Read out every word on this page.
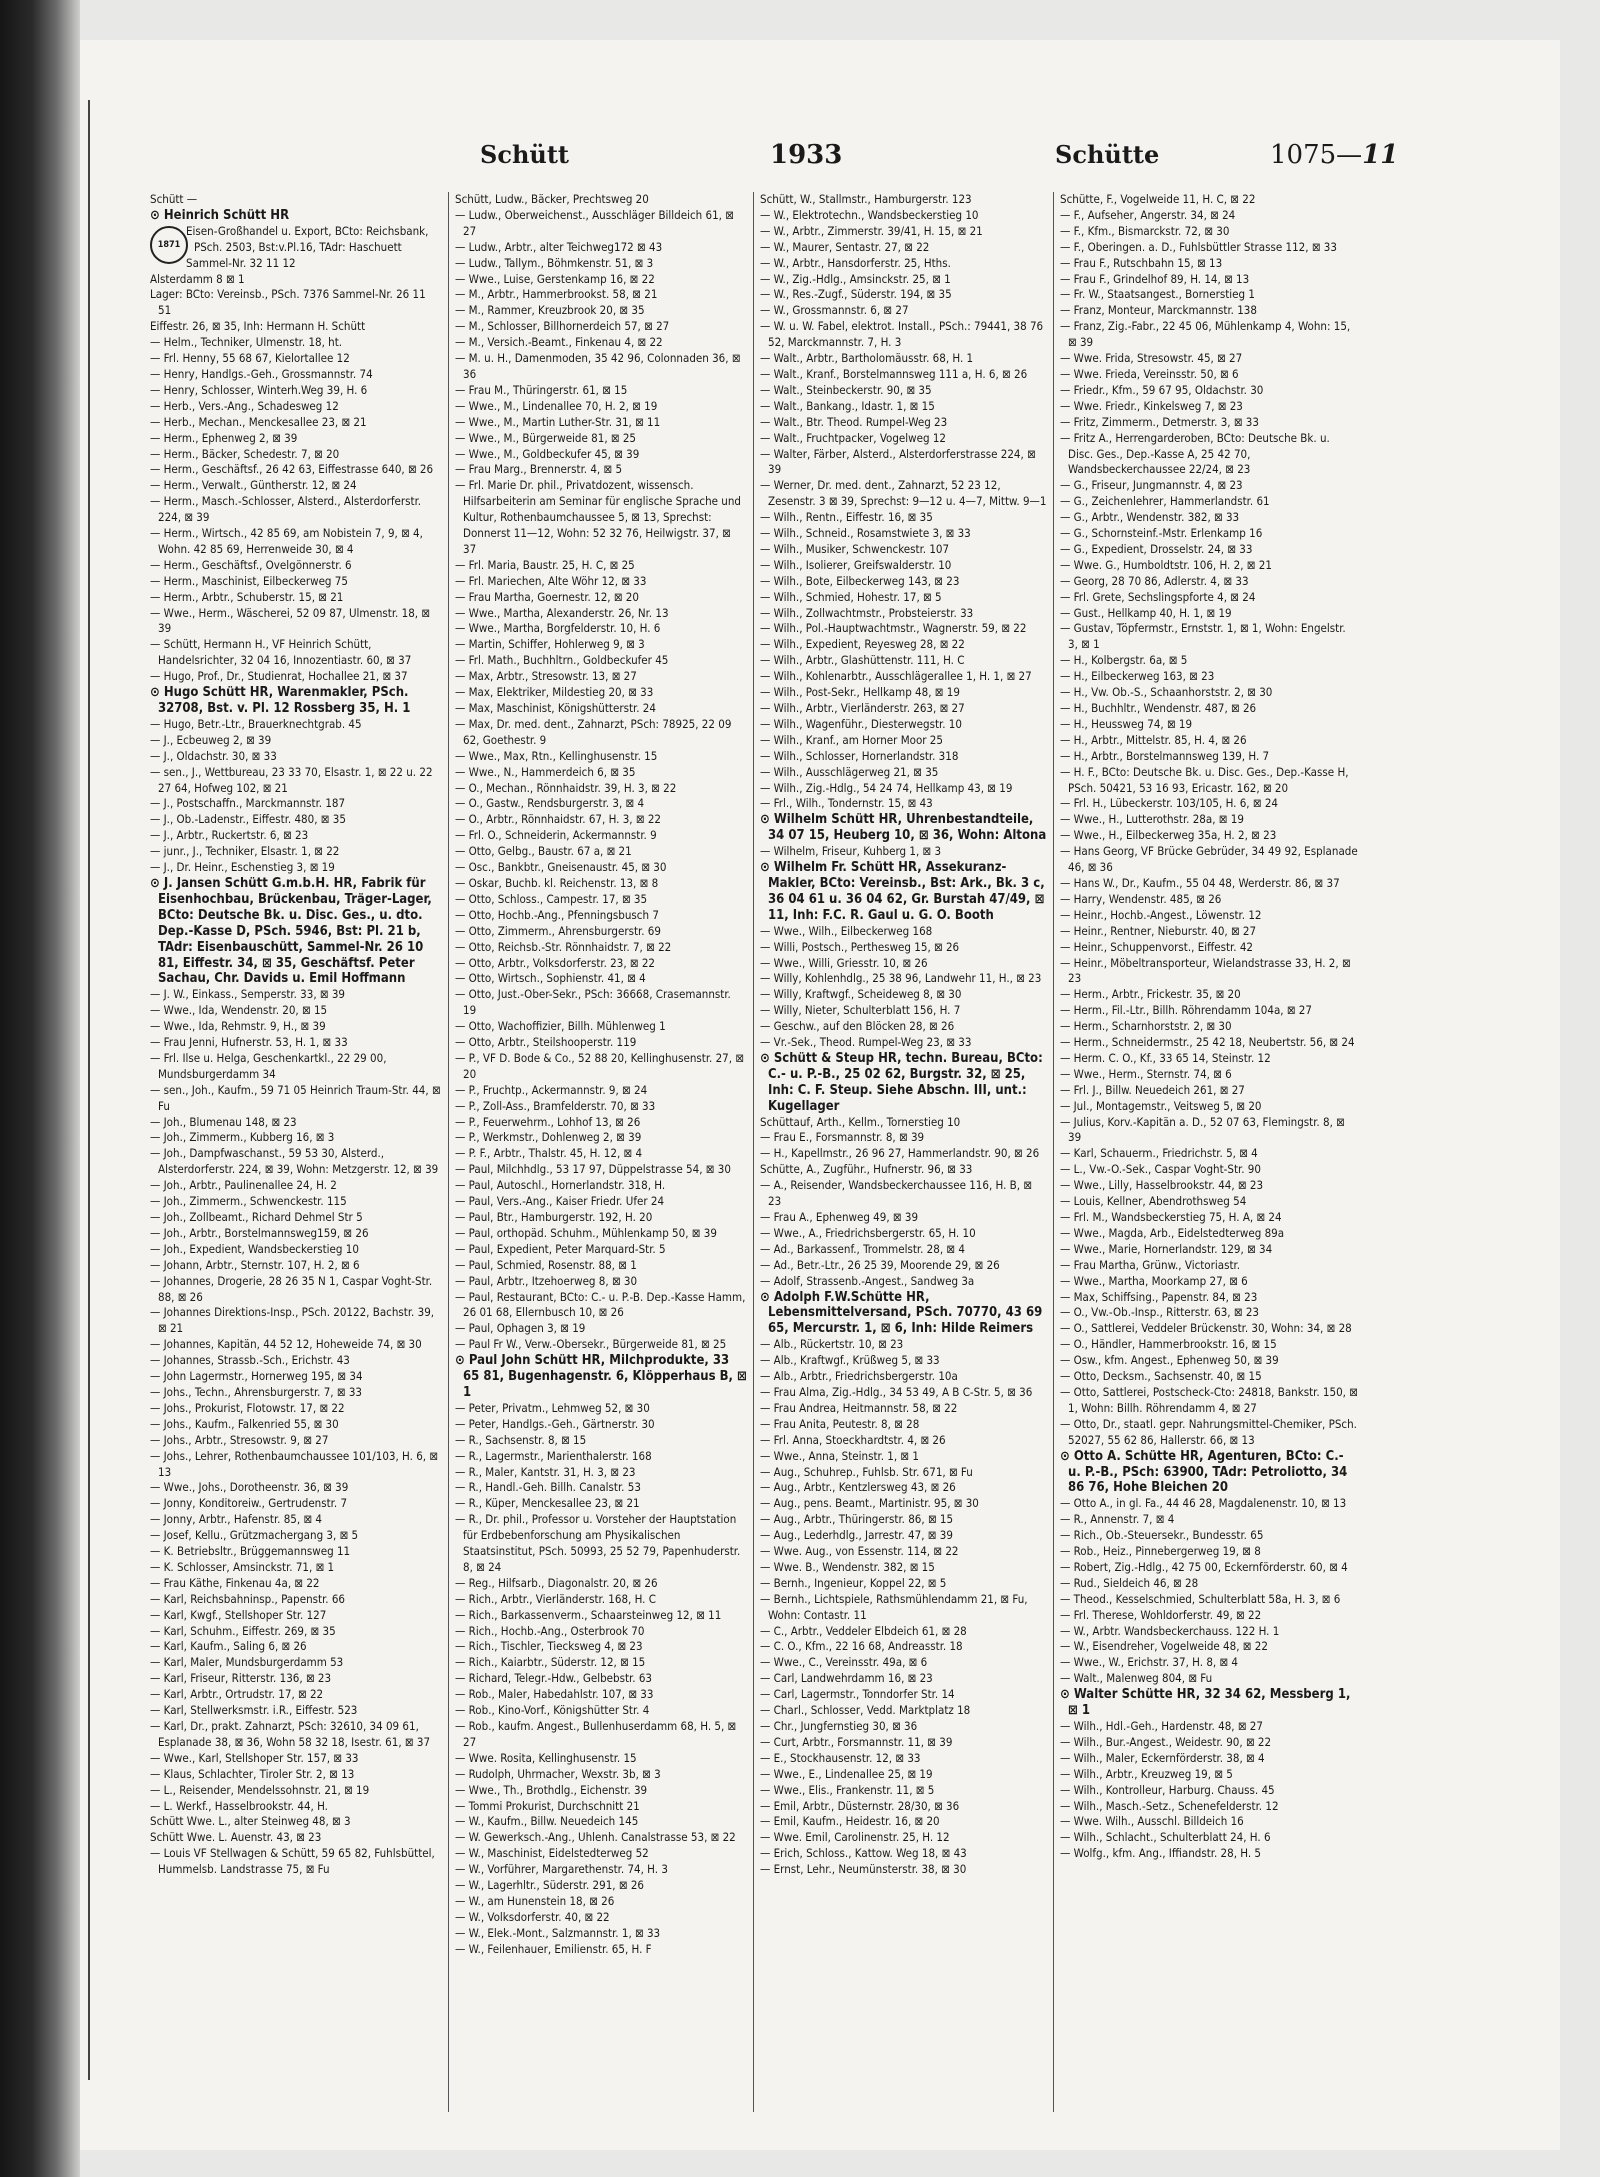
Schütt	1933	Schütte	1075—11

Schütt —

⊙ Heinrich Schütt HR

1871

Eisen-Großhandel u. Export, BCto: Reichsbank, PSch. 2503, Bst:v.Pl.16, TAdr: Haschuett

Sammel-Nr. 32 11 12

Alsterdamm 8 ⊠ 1

Lager: BCto: Vereinsb., PSch. 7376 Sammel-Nr. 26 11 51

Eiffestr. 26, ⊠ 35, Inh: Hermann H. Schütt

— Helm., Techniker, Ulmenstr. 18, ht.

— Frl. Henny, 55 68 67, Kielortallee 12

— Henry, Handlgs.-Geh., Grossmannstr. 74

— Henry, Schlosser, Winterh.Weg 39, H. 6

— Herb., Vers.-Ang., Schadesweg 12

— Herb., Mechan., Menckesallee 23, ⊠ 21

— Herm., Ephenweg 2, ⊠ 39

— Herm., Bäcker, Schedestr. 7, ⊠ 20

— Herm., Geschäftsf., 26 42 63, Eiffestrasse 640, ⊠ 26

— Herm., Verwalt., Güntherstr. 12, ⊠ 24

— Herm., Masch.-Schlosser, Alsterd., Alsterdorferstr. 224, ⊠ 39

— Herm., Wirtsch., 42 85 69, am Nobistein 7, 9, ⊠ 4, Wohn. 42 85 69, Herrenweide 30, ⊠ 4

— Herm., Geschäftsf., Ovelgönnerstr. 6

— Herm., Maschinist, Eilbeckerweg 75

— Herm., Arbtr., Schuberstr. 15, ⊠ 21

— Wwe., Herm., Wäscherei, 52 09 87, Ulmenstr. 18, ⊠ 39

— Schütt, Hermann H., VF Heinrich Schütt, Handelsrichter, 32 04 16, Innozentiastr. 60, ⊠ 37

— Hugo, Prof., Dr., Studienrat, Hochallee 21, ⊠ 37

⊙ Hugo Schütt HR, Warenmakler, PSch. 32708, Bst. v. Pl. 12 Rossberg 35, H. 1

— Hugo, Betr.-Ltr., Brauerknechtgrab. 45

— J., Ecbeuweg 2, ⊠ 39

— J., Oldachstr. 30, ⊠ 33

— sen., J., Wettbureau, 23 33 70, Elsastr. 1, ⊠ 22 u. 22 27 64, Hofweg 102, ⊠ 21

— J., Postschaffn., Marckmannstr. 187

— J., Ob.-Ladenstr., Eiffestr. 480, ⊠ 35

— J., Arbtr., Ruckertstr. 6, ⊠ 23

— junr., J., Techniker, Elsastr. 1, ⊠ 22

— J., Dr. Heinr., Eschenstieg 3, ⊠ 19

⊙ J. Jansen Schütt G.m.b.H. HR, Fabrik für Eisenhochbau, Brückenbau, Träger-Lager, BCto: Deutsche Bk. u. Disc. Ges., u. dto. Dep.-Kasse D, PSch. 5946, Bst: Pl. 21 b, TAdr: Eisenbauschütt, Sammel-Nr. 26 10 81, Eiffestr. 34, ⊠ 35, Geschäftsf. Peter Sachau, Chr. Davids u. Emil Hoffmann

— J. W., Einkass., Semperstr. 33, ⊠ 39

— Wwe., Ida, Wendenstr. 20, ⊠ 15

— Wwe., Ida, Rehmstr. 9, H., ⊠ 39

— Frau Jenni, Hufnerstr. 53, H. 1, ⊠ 33

— Frl. Ilse u. Helga, Geschenkartkl., 22 29 00, Mundsburgerdamm 34

— sen., Joh., Kaufm., 59 71 05 Heinrich Traum-Str. 44, ⊠ Fu

— Joh., Blumenau 148, ⊠ 23

— Joh., Zimmerm., Kubberg 16, ⊠ 3

— Joh., Dampfwaschanst., 59 53 30, Alsterd., Alsterdorferstr. 224, ⊠ 39, Wohn: Metzgerstr. 12, ⊠ 39

— Joh., Arbtr., Paulinenallee 24, H. 2

— Joh., Zimmerm., Schwenckestr. 115

— Joh., Zollbeamt., Richard Dehmel Str 5

— Joh., Arbtr., Borstelmannsweg159, ⊠ 26

— Joh., Expedient, Wandsbeckerstieg 10

— Johann, Arbtr., Sternstr. 107, H. 2, ⊠ 6

— Johannes, Drogerie, 28 26 35 N 1, Caspar Voght-Str. 88, ⊠ 26

— Johannes Direktions-Insp., PSch. 20122, Bachstr. 39, ⊠ 21

— Johannes, Kapitän, 44 52 12, Hoheweide 74, ⊠ 30

— Johannes, Strassb.-Sch., Erichstr. 43

— John Lagermstr., Hornerweg 195, ⊠ 34

— Johs., Techn., Ahrensburgerstr. 7, ⊠ 33

— Johs., Prokurist, Flotowstr. 17, ⊠ 22

— Johs., Kaufm., Falkenried 55, ⊠ 30

— Johs., Arbtr., Stresowstr. 9, ⊠ 27

— Johs., Lehrer, Rothenbaumchaussee 101/103, H. 6, ⊠ 13

— Wwe., Johs., Dorotheenstr. 36, ⊠ 39

— Jonny, Konditoreiw., Gertrudenstr. 7

— Jonny, Arbtr., Hafenstr. 85, ⊠ 4

— Josef, Kellu., Grützmachergang 3, ⊠ 5

— K. Betriebsltr., Brüggemannsweg 11

— K. Schlosser, Amsinckstr. 71, ⊠ 1

— Frau Käthe, Finkenau 4a, ⊠ 22

— Karl, Reichsbahninsp., Papenstr. 66

— Karl, Kwgf., Stellshoper Str. 127

— Karl, Schuhm., Eiffestr. 269, ⊠ 35

— Karl, Kaufm., Saling 6, ⊠ 26

— Karl, Maler, Mundsburgerdamm 53

— Karl, Friseur, Ritterstr. 136, ⊠ 23

— Karl, Arbtr., Ortrudstr. 17, ⊠ 22

— Karl, Stellwerksmstr. i.R., Eiffestr. 523

— Karl, Dr., prakt. Zahnarzt, PSch: 32610, 34 09 61, Esplanade 38, ⊠ 36, Wohn 58 32 18, Isestr. 61, ⊠ 37

— Wwe., Karl, Stellshoper Str. 157, ⊠ 33

— Klaus, Schlachter, Tiroler Str. 2, ⊠ 13

— L., Reisender, Mendelssohnstr. 21, ⊠ 19

— L. Werkf., Hasselbrookstr. 44, H.

Schütt Wwe. L., alter Steinweg 48, ⊠ 3

Schütt Wwe. L. Auenstr. 43, ⊠ 23

— Louis VF Stellwagen & Schütt, 59 65 82, Fuhlsbüttel, Hummelsb. Landstrasse 75, ⊠ Fu

Schütt, Ludw., Bäcker, Prechtsweg 20

— Ludw., Oberweichenst., Ausschläger Billdeich 61, ⊠ 27

— Ludw., Arbtr., alter Teichweg172 ⊠ 43

— Ludw., Tallym., Böhmkenstr. 51, ⊠ 3

— Wwe., Luise, Gerstenkamp 16, ⊠ 22

— M., Arbtr., Hammerbrookst. 58, ⊠ 21

— M., Rammer, Kreuzbrook 20, ⊠ 35

— M., Schlosser, Billhornerdeich 57, ⊠ 27

— M., Versich.-Beamt., Finkenau 4, ⊠ 22

— M. u. H., Damenmoden, 35 42 96, Colonnaden 36, ⊠ 36

— Frau M., Thüringerstr. 61, ⊠ 15

— Wwe., M., Lindenallee 70, H. 2, ⊠ 19

— Wwe., M., Martin Luther-Str. 31, ⊠ 11

— Wwe., M., Bürgerweide 81, ⊠ 25

— Wwe., M., Goldbeckufer 45, ⊠ 39

— Frau Marg., Brennerstr. 4, ⊠ 5

— Frl. Marie Dr. phil., Privatdozent, wissensch. Hilfsarbeiterin am Seminar für englische Sprache und Kultur, Rothenbaumchaussee 5, ⊠ 13, Sprechst: Donnerst 11—12, Wohn: 52 32 76, Heilwigstr. 37, ⊠ 37

— Frl. Maria, Baustr. 25, H. C, ⊠ 25

— Frl. Mariechen, Alte Wöhr 12, ⊠ 33

— Frau Martha, Goernestr. 12, ⊠ 20

— Wwe., Martha, Alexanderstr. 26, Nr. 13

— Wwe., Martha, Borgfelderstr. 10, H. 6

— Martin, Schiffer, Hohlerweg 9, ⊠ 3

— Frl. Math., Buchhltrn., Goldbeckufer 45

— Max, Arbtr., Stresowstr. 13, ⊠ 27

— Max, Elektriker, Mildestieg 20, ⊠ 33

— Max, Maschinist, Königshütterstr. 24

— Max, Dr. med. dent., Zahnarzt, PSch: 78925, 22 09 62, Goethestr. 9

— Wwe., Max, Rtn., Kellinghusenstr. 15

— Wwe., N., Hammerdeich 6, ⊠ 35

— O., Mechan., Rönnhaidstr. 39, H. 3, ⊠ 22

— O., Gastw., Rendsburgerstr. 3, ⊠ 4

— O., Arbtr., Rönnhaidstr. 67, H. 3, ⊠ 22

— Frl. O., Schneiderin, Ackermannstr. 9

— Otto, Gelbg., Baustr. 67 a, ⊠ 21

— Osc., Bankbtr., Gneisenaustr. 45, ⊠ 30

— Oskar, Buchb. kl. Reichenstr. 13, ⊠ 8

— Otto, Schloss., Campestr. 17, ⊠ 35

— Otto, Hochb.-Ang., Pfenningsbusch 7

— Otto, Zimmerm., Ahrensburgerstr. 69

— Otto, Reichsb.-Str. Rönnhaidstr. 7, ⊠ 22

— Otto, Arbtr., Volksdorferstr. 23, ⊠ 22

— Otto, Wirtsch., Sophienstr. 41, ⊠ 4

— Otto, Just.-Ober-Sekr., PSch: 36668, Crasemannstr. 19

— Otto, Wachoffizier, Billh. Mühlenweg 1

— Otto, Arbtr., Steilshooperstr. 119

— P., VF D. Bode & Co., 52 88 20, Kellinghusenstr. 27, ⊠ 20

— P., Fruchtp., Ackermannstr. 9, ⊠ 24

— P., Zoll-Ass., Bramfelderstr. 70, ⊠ 33

— P., Feuerwehrm., Lohhof 13, ⊠ 26

— P., Werkmstr., Dohlenweg 2, ⊠ 39

— P. F., Arbtr., Thalstr. 45, H. 12, ⊠ 4

— Paul, Milchhdlg., 53 17 97, Düppelstrasse 54, ⊠ 30

— Paul, Autoschl., Hornerlandstr. 318, H.

— Paul, Vers.-Ang., Kaiser Friedr. Ufer 24

— Paul, Btr., Hamburgerstr. 192, H. 20

— Paul, orthopäd. Schuhm., Mühlenkamp 50, ⊠ 39

— Paul, Expedient, Peter Marquard-Str. 5

— Paul, Schmied, Rosenstr. 88, ⊠ 1

— Paul, Arbtr., Itzehoerweg 8, ⊠ 30

— Paul, Restaurant, BCto: C.- u. P.-B. Dep.-Kasse Hamm, 26 01 68, Ellernbusch 10, ⊠ 26

— Paul, Ophagen 3, ⊠ 19

— Paul Fr W., Verw.-Obersekr., Bürgerweide 81, ⊠ 25

⊙ Paul John Schütt HR, Milchprodukte, 33 65 81, Bugenhagenstr. 6, Klöpperhaus B, ⊠ 1

— Peter, Privatm., Lehmweg 52, ⊠ 30

— Peter, Handlgs.-Geh., Gärtnerstr. 30

— R., Sachsenstr. 8, ⊠ 15

— R., Lagermstr., Marienthalerstr. 168

— R., Maler, Kantstr. 31, H. 3, ⊠ 23

— R., Handl.-Geh. Billh. Canalstr. 53

— R., Küper, Menckesallee 23, ⊠ 21

— R., Dr. phil., Professor u. Vorsteher der Hauptstation für Erdbebenforschung am Physikalischen Staatsinstitut, PSch. 50993, 25 52 79, Papenhuderstr. 8, ⊠ 24

— Reg., Hilfsarb., Diagonalstr. 20, ⊠ 26

— Rich., Arbtr., Vierländerstr. 168, H. C

— Rich., Barkassenverm., Schaarsteinweg 12, ⊠ 11

— Rich., Hochb.-Ang., Osterbrook 70

— Rich., Tischler, Tiecksweg 4, ⊠ 23

— Rich., Kaiarbtr., Süderstr. 12, ⊠ 15

— Richard, Telegr.-Hdw., Gelbebstr. 63

— Rob., Maler, Habedahlstr. 107, ⊠ 33

— Rob., Kino-Vorf., Königshütter Str. 4

— Rob., kaufm. Angest., Bullenhuserdamm 68, H. 5, ⊠ 27

— Wwe. Rosita, Kellinghusenstr. 15

— Rudolph, Uhrmacher, Wexstr. 3b, ⊠ 3

— Wwe., Th., Brothdlg., Eichenstr. 39

— Tommi Prokurist, Durchschnitt 21

— W., Kaufm., Billw. Neuedeich 145

— W. Gewerksch.-Ang., Uhlenh. Canalstrasse 53, ⊠ 22

— W., Maschinist, Eidelstedterweg 52

— W., Vorführer, Margarethenstr. 74, H. 3

— W., Lagerhltr., Süderstr. 291, ⊠ 26

— W., am Hunenstein 18, ⊠ 26

— W., Volksdorferstr. 40, ⊠ 22

— W., Elek.-Mont., Salzmannstr. 1, ⊠ 33

— W., Feilenhauer, Emilienstr. 65, H. F

Schütt, W., Stallmstr., Hamburgerstr. 123

— W., Elektrotechn., Wandsbeckerstieg 10

— W., Arbtr., Zimmerstr. 39/41, H. 15, ⊠ 21

— W., Maurer, Sentastr. 27, ⊠ 22

— W., Arbtr., Hansdorferstr. 25, Hths.

— W., Zig.-Hdlg., Amsinckstr. 25, ⊠ 1

— W., Res.-Zugf., Süderstr. 194, ⊠ 35

— W., Grossmannstr. 6, ⊠ 27

— W. u. W. Fabel, elektrot. Install., PSch.: 79441, 38 76 52, Marckmannstr. 7, H. 3

— Walt., Arbtr., Bartholomäusstr. 68, H. 1

— Walt., Kranf., Borstelmannsweg 111 a, H. 6, ⊠ 26

— Walt., Steinbeckerstr. 90, ⊠ 35

— Walt., Bankang., Idastr. 1, ⊠ 15

— Walt., Btr. Theod. Rumpel-Weg 23

— Walt., Fruchtpacker, Vogelweg 12

— Walter, Färber, Alsterd., Alsterdorferstrasse 224, ⊠ 39

— Werner, Dr. med. dent., Zahnarzt, 52 23 12, Zesenstr. 3 ⊠ 39, Sprechst: 9—12 u. 4—7, Mittw. 9—1

— Wilh., Rentn., Eiffestr. 16, ⊠ 35

— Wilh., Schneid., Rosamstwiete 3, ⊠ 33

— Wilh., Musiker, Schwenckestr. 107

— Wilh., Isolierer, Greifswalderstr. 10

— Wilh., Bote, Eilbeckerweg 143, ⊠ 23

— Wilh., Schmied, Hohestr. 17, ⊠ 5

— Wilh., Zollwachtmstr., Probsteierstr. 33

— Wilh., Pol.-Hauptwachtmstr., Wagnerstr. 59, ⊠ 22

— Wilh., Expedient, Reyesweg 28, ⊠ 22

— Wilh., Arbtr., Glashüttenstr. 111, H. C

— Wilh., Kohlenarbtr., Ausschlägerallee 1, H. 1, ⊠ 27

— Wilh., Post-Sekr., Hellkamp 48, ⊠ 19

— Wilh., Arbtr., Vierländerstr. 263, ⊠ 27

— Wilh., Wagenführ., Diesterwegstr. 10

— Wilh., Kranf., am Horner Moor 25

— Wilh., Schlosser, Hornerlandstr. 318

— Wilh., Ausschlägerweg 21, ⊠ 35

— Wilh., Zig.-Hdlg., 54 24 74, Hellkamp 43, ⊠ 19

— Frl., Wilh., Tondernstr. 15, ⊠ 43

⊙ Wilhelm Schütt HR, Uhrenbestandteile, 34 07 15, Heuberg 10, ⊠ 36, Wohn: Altona

— Wilhelm, Friseur, Kuhberg 1, ⊠ 3

⊙ Wilhelm Fr. Schütt HR, Assekuranz-Makler, BCto: Vereinsb., Bst: Ark., Bk. 3 c, 36 04 61 u. 36 04 62, Gr. Burstah 47/49, ⊠ 11, Inh: F.C. R. Gaul u. G. O. Booth

— Wwe., Wilh., Eilbeckerweg 168

— Willi, Postsch., Perthesweg 15, ⊠ 26

— Wwe., Willi, Griesstr. 10, ⊠ 26

— Willy, Kohlenhdlg., 25 38 96, Landwehr 11, H., ⊠ 23

— Willy, Kraftwgf., Scheideweg 8, ⊠ 30

— Willy, Nieter, Schulterblatt 156, H. 7

— Geschw., auf den Blöcken 28, ⊠ 26

— Vr.-Sek., Theod. Rumpel-Weg 23, ⊠ 33

⊙ Schütt & Steup HR, techn. Bureau, BCto: C.- u. P.-B., 25 02 62, Burgstr. 32, ⊠ 25, Inh: C. F. Steup. Siehe Abschn. III, unt.: Kugellager

Schüttauf, Arth., Kellm., Tornerstieg 10

— Frau E., Forsmannstr. 8, ⊠ 39

— H., Kapellmstr., 26 96 27, Hammerlandstr. 90, ⊠ 26

Schütte, A., Zugführ., Hufnerstr. 96, ⊠ 33

— A., Reisender, Wandsbeckerchaussee 116, H. B, ⊠ 23

— Frau A., Ephenweg 49, ⊠ 39

— Wwe., A., Friedrichsbergerstr. 65, H. 10

— Ad., Barkassenf., Trommelstr. 28, ⊠ 4

— Ad., Betr.-Ltr., 26 25 39, Moorende 29, ⊠ 26

— Adolf, Strassenb.-Angest., Sandweg 3a

⊙ Adolph F.W.Schütte HR, Lebensmittelversand, PSch. 70770, 43 69 65, Mercurstr. 1, ⊠ 6, Inh: Hilde Reimers

— Alb., Rückertstr. 10, ⊠ 23

— Alb., Kraftwgf., Krüßweg 5, ⊠ 33

— Alb., Arbtr., Friedrichsbergerstr. 10a

— Frau Alma, Zig.-Hdlg., 34 53 49, A B C-Str. 5, ⊠ 36

— Frau Andrea, Heitmannstr. 58, ⊠ 22

— Frau Anita, Peutestr. 8, ⊠ 28

— Frl. Anna, Stoeckhardtstr. 4, ⊠ 26

— Wwe., Anna, Steinstr. 1, ⊠ 1

— Aug., Schuhrep., Fuhlsb. Str. 671, ⊠ Fu

— Aug., Arbtr., Kentzlersweg 43, ⊠ 26

— Aug., pens. Beamt., Martinistr. 95, ⊠ 30

— Aug., Arbtr., Thüringerstr. 86, ⊠ 15

— Aug., Lederhdlg., Jarrestr. 47, ⊠ 39

— Wwe. Aug., von Essenstr. 114, ⊠ 22

— Wwe. B., Wendenstr. 382, ⊠ 15

— Bernh., Ingenieur, Koppel 22, ⊠ 5

— Bernh., Lichtspiele, Rathsmühlendamm 21, ⊠ Fu, Wohn: Contastr. 11

— C., Arbtr., Veddeler Elbdeich 61, ⊠ 28

— C. O., Kfm., 22 16 68, Andreasstr. 18

— Wwe., C., Vereinsstr. 49a, ⊠ 6

— Carl, Landwehrdamm 16, ⊠ 23

— Carl, Lagermstr., Tonndorfer Str. 14

— Charl., Schlosser, Vedd. Marktplatz 18

— Chr., Jungfernstieg 30, ⊠ 36

— Curt, Arbtr., Forsmannstr. 11, ⊠ 39

— E., Stockhausenstr. 12, ⊠ 33

— Wwe., E., Lindenallee 25, ⊠ 19

— Wwe., Elis., Frankenstr. 11, ⊠ 5

— Emil, Arbtr., Düsternstr. 28/30, ⊠ 36

— Emil, Kaufm., Heidestr. 16, ⊠ 20

— Wwe. Emil, Carolinenstr. 25, H. 12

— Erich, Schloss., Kattow. Weg 18, ⊠ 43

— Ernst, Lehr., Neumünsterstr. 38, ⊠ 30

Schütte, F., Vogelweide 11, H. C, ⊠ 22

— F., Aufseher, Angerstr. 34, ⊠ 24

— F., Kfm., Bismarckstr. 72, ⊠ 30

— F., Oberingen. a. D., Fuhlsbüttler Strasse 112, ⊠ 33

— Frau F., Rutschbahn 15, ⊠ 13

— Frau F., Grindelhof 89, H. 14, ⊠ 13

— Fr. W., Staatsangest., Bornerstieg 1

— Franz, Monteur, Marckmannstr. 138

— Franz, Zig.-Fabr., 22 45 06, Mühlenkamp 4, Wohn: 15, ⊠ 39

— Wwe. Frida, Stresowstr. 45, ⊠ 27

— Wwe. Frieda, Vereinsstr. 50, ⊠ 6

— Friedr., Kfm., 59 67 95, Oldachstr. 30

— Wwe. Friedr., Kinkelsweg 7, ⊠ 23

— Fritz, Zimmerm., Detmerstr. 3, ⊠ 33

— Fritz A., Herrengarderoben, BCto: Deutsche Bk. u. Disc. Ges., Dep.-Kasse A, 25 42 70, Wandsbeckerchaussee 22/24, ⊠ 23

— G., Friseur, Jungmannstr. 4, ⊠ 23

— G., Zeichenlehrer, Hammerlandstr. 61

— G., Arbtr., Wendenstr. 382, ⊠ 33

— G., Schornsteinf.-Mstr. Erlenkamp 16

— G., Expedient, Drosselstr. 24, ⊠ 33

— Wwe. G., Humboldtstr. 106, H. 2, ⊠ 21

— Georg, 28 70 86, Adlerstr. 4, ⊠ 33

— Frl. Grete, Sechslingspforte 4, ⊠ 24

— Gust., Hellkamp 40, H. 1, ⊠ 19

— Gustav, Töpfermstr., Ernststr. 1, ⊠ 1, Wohn: Engelstr. 3, ⊠ 1

— H., Kolbergstr. 6a, ⊠ 5

— H., Eilbeckerweg 163, ⊠ 23

— H., Vw. Ob.-S., Schaanhorststr. 2, ⊠ 30

— H., Buchhltr., Wendenstr. 487, ⊠ 26

— H., Heussweg 74, ⊠ 19

— H., Arbtr., Mittelstr. 85, H. 4, ⊠ 26

— H., Arbtr., Borstelmannsweg 139, H. 7

— H. F., BCto: Deutsche Bk. u. Disc. Ges., Dep.-Kasse H, PSch. 50421, 53 16 93, Ericastr. 162, ⊠ 20

— Frl. H., Lübeckerstr. 103/105, H. 6, ⊠ 24

— Wwe., H., Lutterothstr. 28a, ⊠ 19

— Wwe., H., Eilbeckerweg 35a, H. 2, ⊠ 23

— Hans Georg, VF Brücke Gebrüder, 34 49 92, Esplanade 46, ⊠ 36

— Hans W., Dr., Kaufm., 55 04 48, Werderstr. 86, ⊠ 37

— Harry, Wendenstr. 485, ⊠ 26

— Heinr., Hochb.-Angest., Löwenstr. 12

— Heinr., Rentner, Nieburstr. 40, ⊠ 27

— Heinr., Schuppenvorst., Eiffestr. 42

— Heinr., Möbeltransporteur, Wielandstrasse 33, H. 2, ⊠ 23

— Herm., Arbtr., Frickestr. 35, ⊠ 20

— Herm., Fil.-Ltr., Billh. Röhrendamm 104a, ⊠ 27

— Herm., Scharnhorststr. 2, ⊠ 30

— Herm., Schneidermstr., 25 42 18, Neubertstr. 56, ⊠ 24

— Herm. C. O., Kf., 33 65 14, Steinstr. 12

— Wwe., Herm., Sternstr. 74, ⊠ 6

— Frl. J., Billw. Neuedeich 261, ⊠ 27

— Jul., Montagemstr., Veitsweg 5, ⊠ 20

— Julius, Korv.-Kapitän a. D., 52 07 63, Flemingstr. 8, ⊠ 39

— Karl, Schauerm., Friedrichstr. 5, ⊠ 4

— L., Vw.-O.-Sek., Caspar Voght-Str. 90

— Wwe., Lilly, Hasselbrookstr. 44, ⊠ 23

— Louis, Kellner, Abendrothsweg 54

— Frl. M., Wandsbeckerstieg 75, H. A, ⊠ 24

— Wwe., Magda, Arb., Eidelstedterweg 89a

— Wwe., Marie, Hornerlandstr. 129, ⊠ 34

— Frau Martha, Grünw., Victoriastr.

— Wwe., Martha, Moorkamp 27, ⊠ 6

— Max, Schiffsing., Papenstr. 84, ⊠ 23

— O., Vw.-Ob.-Insp., Ritterstr. 63, ⊠ 23

— O., Sattlerei, Veddeler Brückenstr. 30, Wohn: 34, ⊠ 28

— O., Händler, Hammerbrookstr. 16, ⊠ 15

— Osw., kfm. Angest., Ephenweg 50, ⊠ 39

— Otto, Decksm., Sachsenstr. 40, ⊠ 15

— Otto, Sattlerei, Postscheck-Cto: 24818, Bankstr. 150, ⊠ 1, Wohn: Billh. Röhrendamm 4, ⊠ 27

— Otto, Dr., staatl. gepr. Nahrungsmittel-Chemiker, PSch. 52027, 55 62 86, Hallerstr. 66, ⊠ 13

⊙ Otto A. Schütte HR, Agenturen, BCto: C.- u. P.-B., PSch: 63900, TAdr: Petroliotto, 34 86 76, Hohe Bleichen 20

— Otto A., in gl. Fa., 44 46 28, Magdalenenstr. 10, ⊠ 13

— R., Annenstr. 7, ⊠ 4

— Rich., Ob.-Steuersekr., Bundesstr. 65

— Rob., Heiz., Pinnebergerweg 19, ⊠ 8

— Robert, Zig.-Hdlg., 42 75 00, Eckernförderstr. 60, ⊠ 4

— Rud., Sieldeich 46, ⊠ 28

— Theod., Kesselschmied, Schulterblatt 58a, H. 3, ⊠ 6

— Frl. Therese, Wohldorferstr. 49, ⊠ 22

— W., Arbtr. Wandsbeckerchauss. 122 H. 1

— W., Eisendreher, Vogelweide 48, ⊠ 22

— Wwe., W., Erichstr. 37, H. 8, ⊠ 4

— Walt., Malenweg 804, ⊠ Fu

⊙ Walter Schütte HR, 32 34 62, Messberg 1, ⊠ 1

— Wilh., Hdl.-Geh., Hardenstr. 48, ⊠ 27

— Wilh., Bur.-Angest., Weidestr. 90, ⊠ 22

— Wilh., Maler, Eckernförderstr. 38, ⊠ 4

— Wilh., Arbtr., Kreuzweg 19, ⊠ 5

— Wilh., Kontrolleur, Harburg. Chauss. 45

— Wilh., Masch.-Setz., Schenefelderstr. 12

— Wwe. Wilh., Ausschl. Billdeich 16

— Wilh., Schlacht., Schulterblatt 24, H. 6

— Wolfg., kfm. Ang., Iffiandstr. 28, H. 5
